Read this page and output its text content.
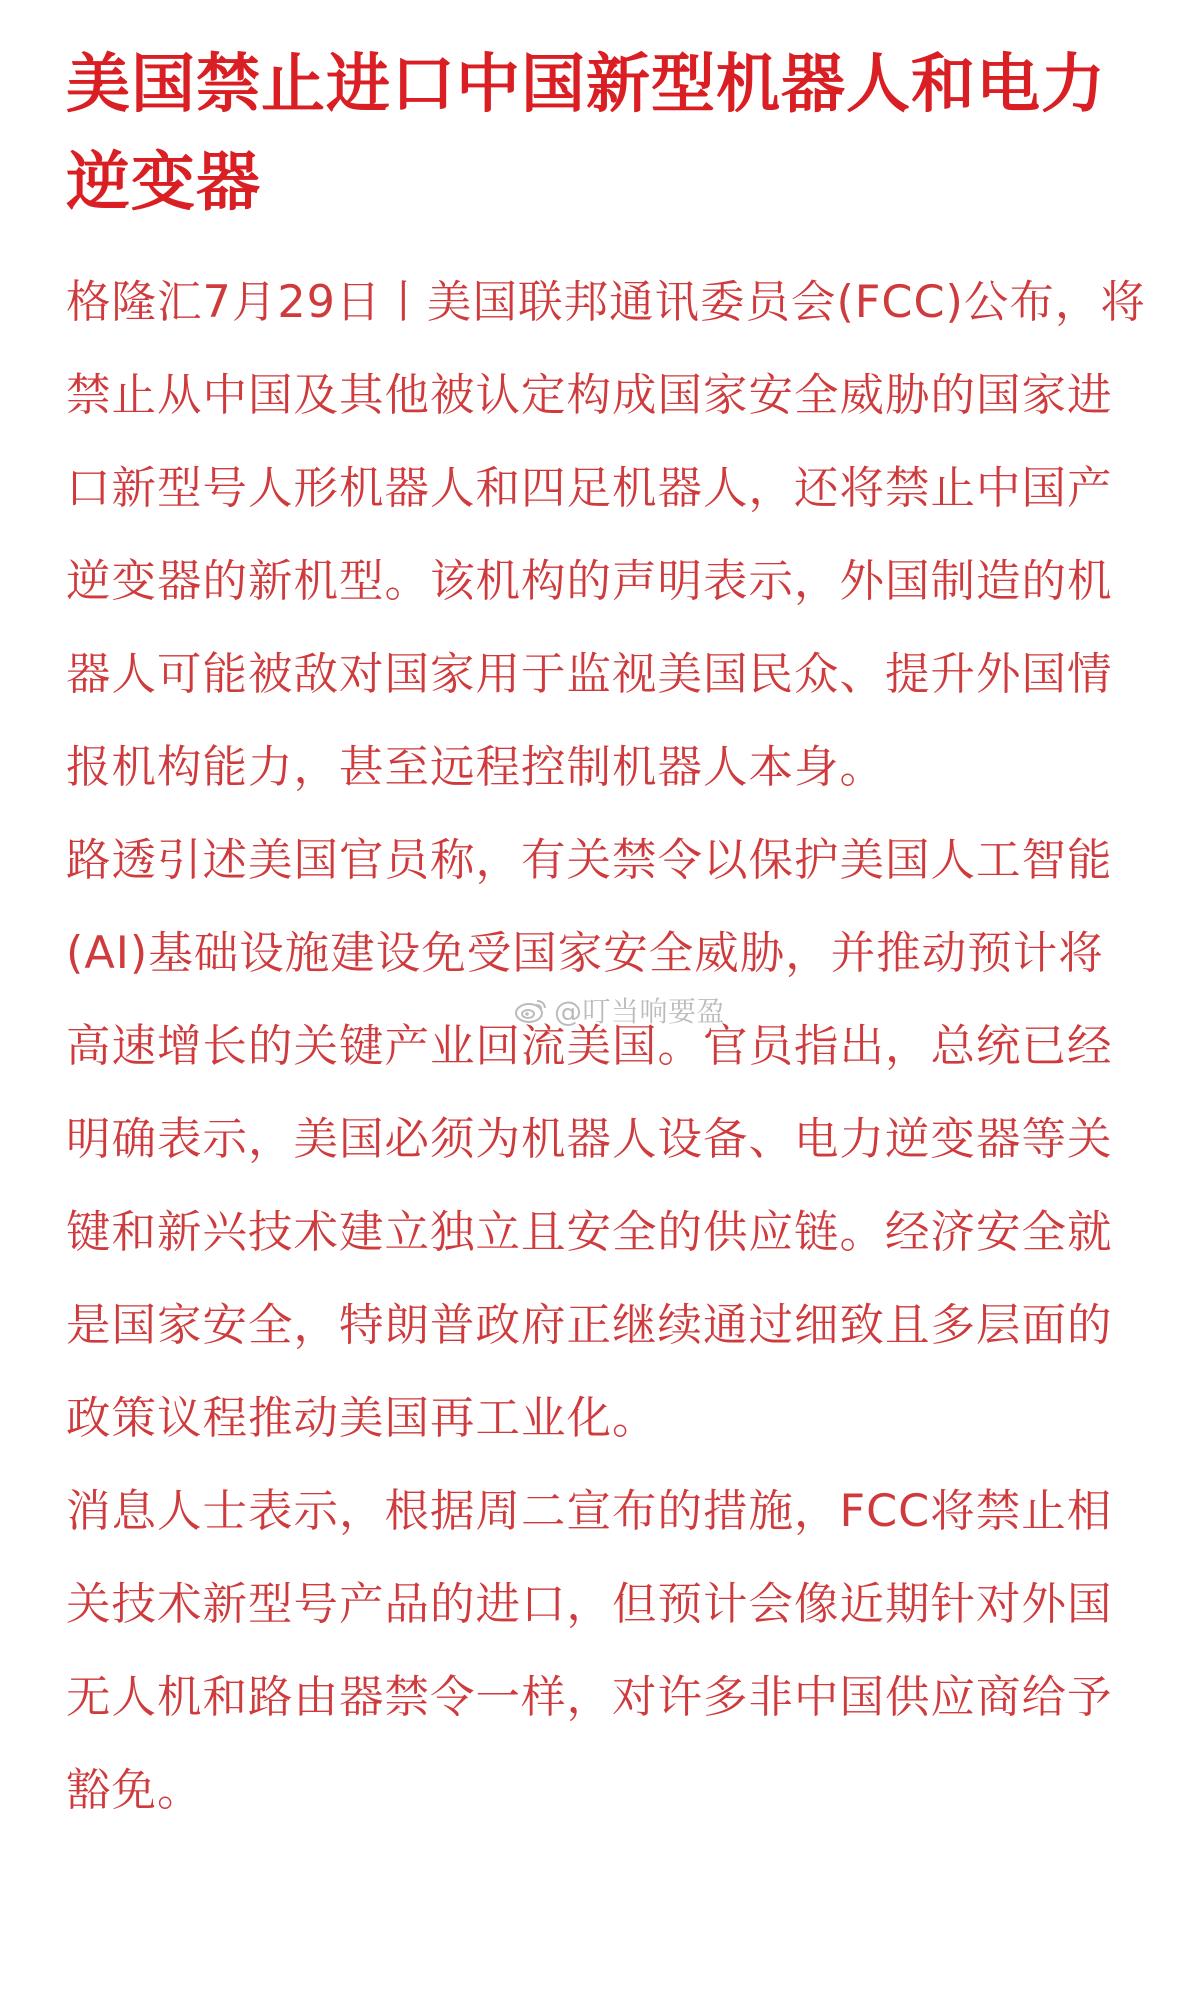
美国禁止进口中国新型机器人和电力逆变器

格隆汇7月29日丨美国联邦通讯委员会(FCC)公布，将禁止从中国及其他被认定构成国家安全威胁的国家进口新型号人形机器人和四足机器人，还将禁止中国产逆变器的新机型。该机构的声明表示，外国制造的机器人可能被敌对国家用于监视美国民众、提升外国情报机构能力，甚至远程控制机器人本身。

路透引述美国官员称，有关禁令以保护美国人工智能(AI)基础设施建设免受国家安全威胁，并推动预计将高速增长的关键产业回流美国。官员指出，总统已经明确表示，美国必须为机器人设备、电力逆变器等关键和新兴技术建立独立且安全的供应链。经济安全就是国家安全，特朗普政府正继续通过细致且多层面的政策议程推动美国再工业化。

消息人士表示，根据周二宣布的措施，FCC将禁止相关技术新型号产品的进口，但预计会像近期针对外国无人机和路由器禁令一样，对许多非中国供应商给予豁免。

@叮当响要盈
